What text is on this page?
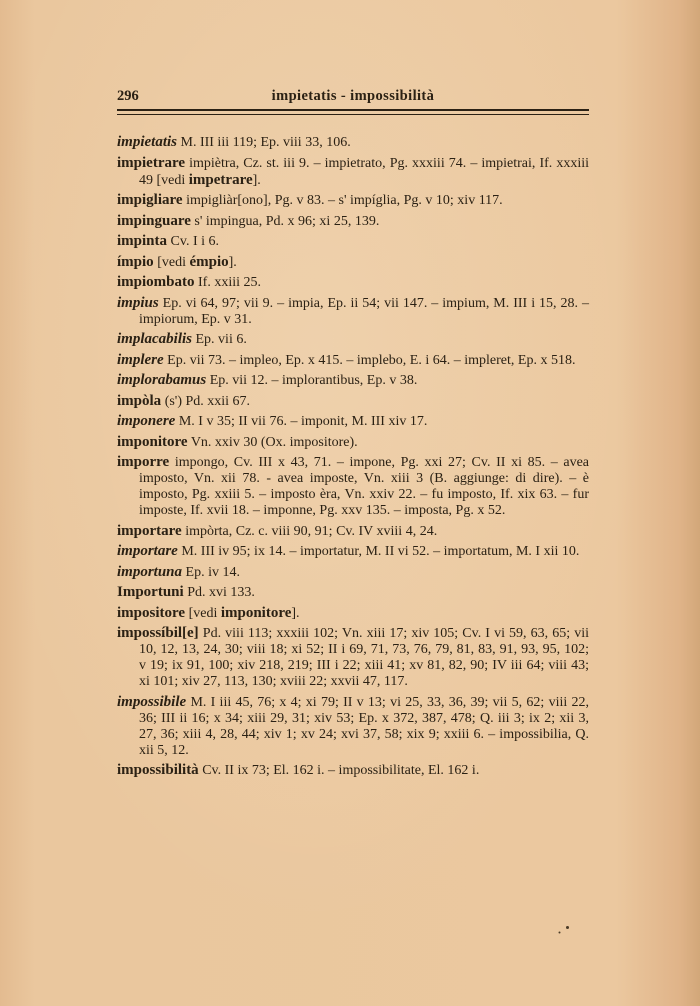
296	impietatis - impossibilità

impietatis M. III iii 119; Ep. viii 33, 106.

impietrare impiètra, Cz. st. iii 9. – impietrato, Pg. xxxiii 74. – impietrai, If. xxxiii 49 [vedi impetrare].

impigliare impigliàr[ono], Pg. v 83. – s' impíglia, Pg. v 10; xiv 117.

impinguare s' impingua, Pd. x 96; xi 25, 139.

impinta Cv. I i 6.

ímpio [vedi émpio].

impiombato If. xxiii 25.

impius Ep. vi 64, 97; vii 9. – impia, Ep. ii 54; vii 147. – impium, M. III i 15, 28. – impiorum, Ep. v 31.

implacabilis Ep. vii 6.

implere Ep. vii 73. – impleo, Ep. x 415. – implebo, E. i 64. – impleret, Ep. x 518.

implorabamus Ep. vii 12. – implorantibus, Ep. v 38.

impòla (s') Pd. xxii 67.

imponere M. I v 35; II vii 76. – imponit, M. III xiv 17.

imponitore Vn. xxiv 30 (Ox. impositore).

imporre impongo, Cv. III x 43, 71. – impone, Pg. xxi 27; Cv. II xi 85. – avea imposto, Vn. xii 78. - avea imposte, Vn. xiii 3 (B. aggiunge: di dire). – è imposto, Pg. xxiii 5. – imposto èra, Vn. xxiv 22. – fu imposto, If. xix 63. – fur imposte, If. xvii 18. – imponne, Pg. xxv 135. – imposta, Pg. x 52.

importare impòrta, Cz. c. viii 90, 91; Cv. IV xviii 4, 24.

importare M. III iv 95; ix 14. – importatur, M. II vi 52. – importatum, M. I xii 10.

importuna Ep. iv 14.

Importuni Pd. xvi 133.

impositore [vedi imponitore].

impossíbil[e] Pd. viii 113; xxxiii 102; Vn. xiii 17; xiv 105; Cv. I vi 59, 63, 65; vii 10, 12, 13, 24, 30; viii 18; xi 52; II i 69, 71, 73, 76, 79, 81, 83, 91, 93, 95, 102; v 19; ix 91, 100; xiv 218, 219; III i 22; xiii 41; xv 81, 82, 90; IV iii 64; viii 43; xi 101; xiv 27, 113, 130; xviii 22; xxvii 47, 117.

impossibile M. I iii 45, 76; x 4; xi 79; II v 13; vi 25, 33, 36, 39; vii 5, 62; viii 22, 36; III ii 16; x 34; xiii 29, 31; xiv 53; Ep. x 372, 387, 478; Q. iii 3; ix 2; xii 3, 27, 36; xiii 4, 28, 44; xiv 1; xv 24; xvi 37, 58; xix 9; xxiii 6. – impossibilia, Q. xii 5, 12.

impossibilità Cv. II ix 73; El. 162 i. – impossibilitate, El. 162 i.
